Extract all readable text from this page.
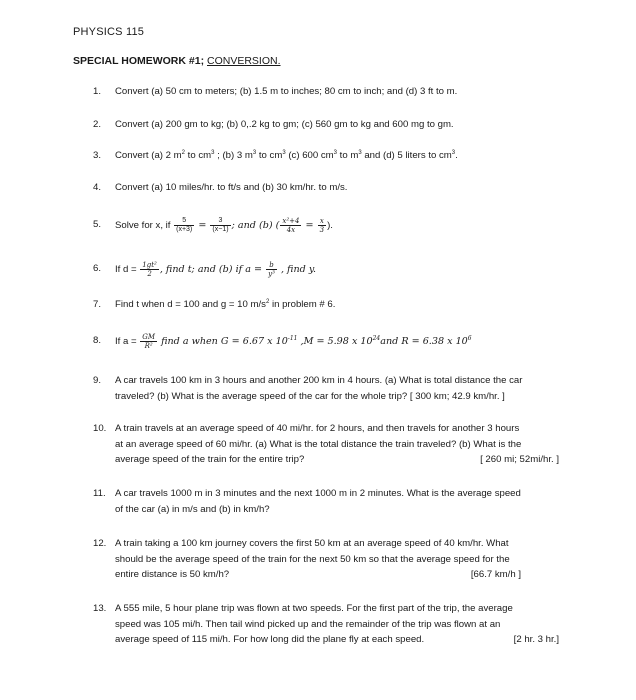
PHYSICS 115
SPECIAL HOMEWORK #1; CONVERSION.
1. Convert (a) 50 cm to meters; (b) 1.5 m to inches; 80 cm to inch; and (d) 3 ft to m.
2. Convert (a) 200 gm to kg; (b) 0,.2 kg to gm; (c) 560 gm to kg and 600 mg to gm.
3. Convert (a) 2 $m^2$ to $cm^3$ ; (b) 3 $m^3$ to $cm^3$ (c) 600 $cm^3$ to $m^3$ and (d) 5 liters to $cm^3$.
4. Convert (a) 10 miles/hr. to ft/s and (b) 30 km/hr. to m/s.
5. Solve for x, if $\frac{5}{(x+3)} = \frac{3}{(x-1)}$ ; and (b) ( $\frac{\text{x²+4}}{4x} = \frac{x}{3}$ ).
6. If $d = \frac{\text{1gt²}}{2}$ , find t; and (b) if $a = \frac{b}{\text{y³}}$ , find y.
7. Find t when d = 100 and g = 10 $m/s^2$ in problem # 6.
8. If $a = \frac{GM}{\text{R²}}$ find a when G = 6.67 x $10^{-11}$ ,M = 5.98 x $10^{24}and$ R = 6.38 x $10^6$
9. A car travels 100 km in 3 hours and another 200 km in 4 hours. (a) What is total distance the car
traveled? (b) What is the average speed of the car for the whole trip? [ 300 km; 42.9 km/hr. ]
10. A train travels at an average speed of 40 mi/hr. for 2 hours, and then travels for another 3 hours
at an average speed of 60 mi/hr. (a) What is the total distance the train traveled? (b) What is the
average speed of the train for the entire trip?	[ 260 mi; 52mi/hr. ]
11. A car travels 1000 m in 3 minutes and the next 1000 m in 2 minutes. What is the average speed
of the car (a) in m/s and (b) in km/h?
12. A train taking a 100 km journey covers the first 50 km at an average speed of 40 km/hr. What
should be the average speed of the train for the next 50 km so that the average speed for the
entire distance is 50 km/h?	[66.7 km/h ]
13. A 555 mile, 5 hour plane trip was flown at two speeds. For the first part of the trip, the average
speed was 105 mi/h. Then tail wind picked up and the remainder of the trip was flown at an
average speed of 115 mi/h. For how long did the plane fly at each speed.	[2 hr. 3 hr.]
